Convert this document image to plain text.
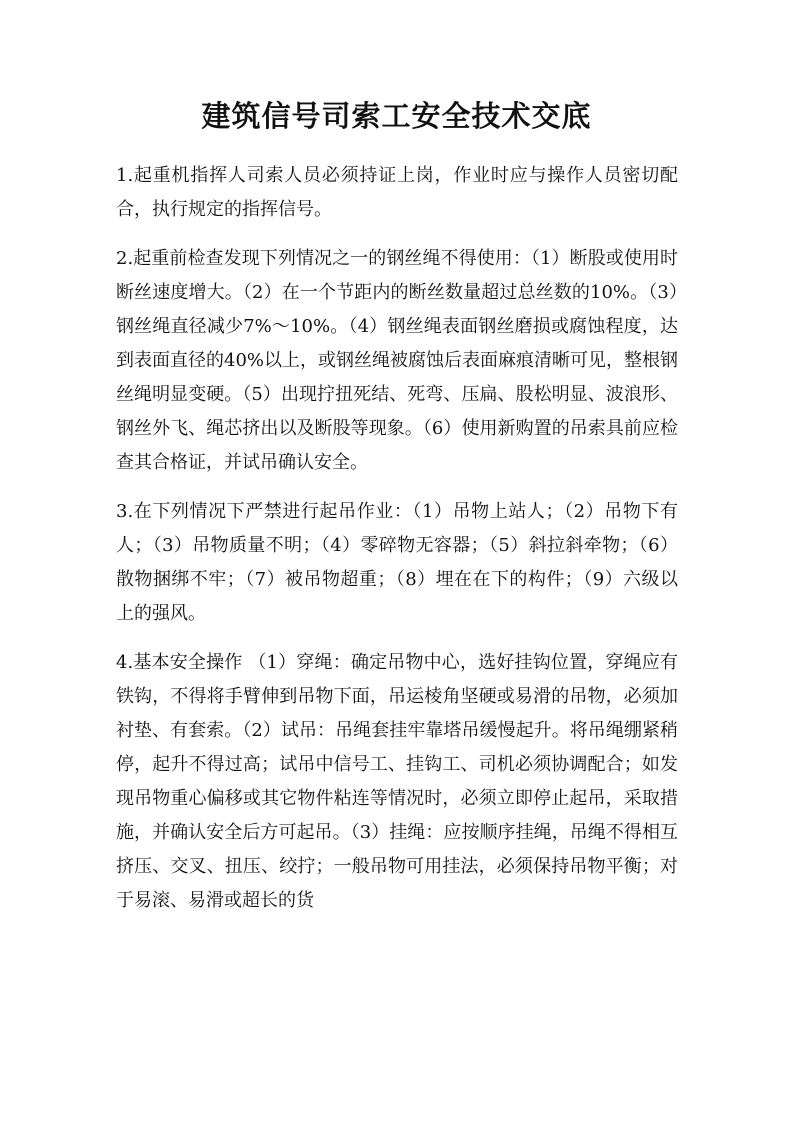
建筑信号司索工安全技术交底

1.起重机指挥人司索人员必须持证上岗，作业时应与操作人员密切配合，执行规定的指挥信号。

2.起重前检查发现下列情况之一的钢丝绳不得使用：（1）断股或使用时断丝速度增大。（2）在一个节距内的断丝数量超过总丝数的10%。（3）钢丝绳直径减少7%～10%。（4）钢丝绳表面钢丝磨损或腐蚀程度，达到表面直径的40%以上，或钢丝绳被腐蚀后表面麻痕清晰可见，整根钢丝绳明显变硬。（5）出现拧扭死结、死弯、压扁、股松明显、波浪形、钢丝外飞、绳芯挤出以及断股等现象。（6）使用新购置的吊索具前应检查其合格证，并试吊确认安全。

3.在下列情况下严禁进行起吊作业：（1）吊物上站人；（2）吊物下有人；（3）吊物质量不明；（4）零碎物无容器；（5）斜拉斜牵物；（6）散物捆绑不牢；（7）被吊物超重；（8）埋在在下的构件；（9）六级以上的强风。

4.基本安全操作 （1）穿绳：确定吊物中心，选好挂钩位置，穿绳应有铁钩，不得将手臂伸到吊物下面，吊运棱角坚硬或易滑的吊物，必须加衬垫、有套索。（2）试吊：吊绳套挂牢靠塔吊缓慢起升。将吊绳绷紧稍停，起升不得过高；试吊中信号工、挂钩工、司机必须协调配合；如发现吊物重心偏移或其它物件粘连等情况时，必须立即停止起吊，采取措施，并确认安全后方可起吊。（3）挂绳：应按顺序挂绳，吊绳不得相互挤压、交叉、扭压、绞拧；一般吊物可用挂法，必须保持吊物平衡；对于易滚、易滑或超长的货
